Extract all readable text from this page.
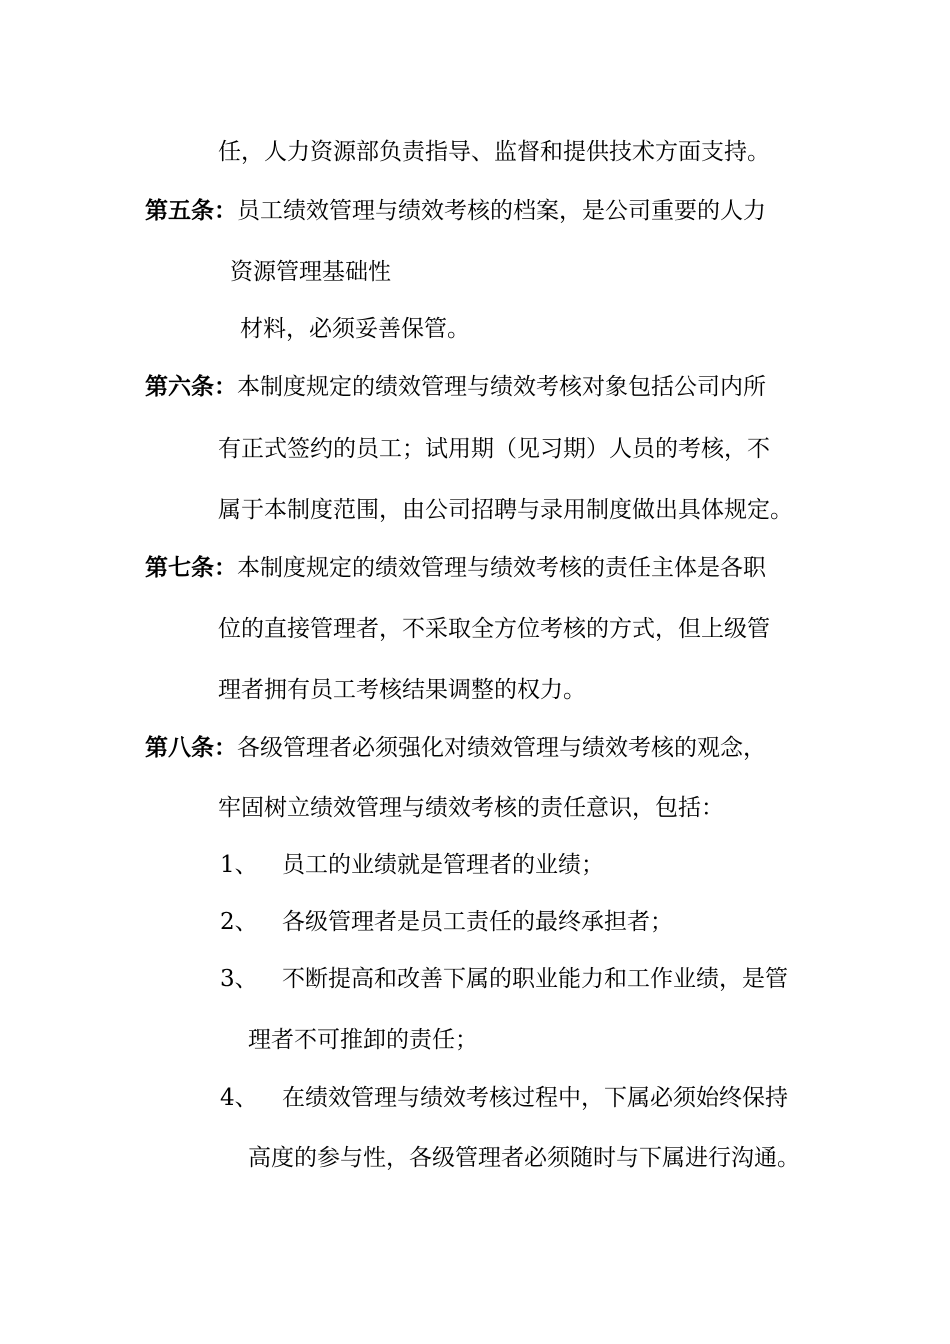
任，人力资源部负责指导、监督和提供技术方面支持。
第五条：员工绩效管理与绩效考核的档案，是公司重要的人力
资源管理基础性
材料，必须妥善保管。
第六条：本制度规定的绩效管理与绩效考核对象包括公司内所
有正式签约的员工；试用期（见习期）人员的考核，不
属于本制度范围，由公司招聘与录用制度做出具体规定。
第七条：本制度规定的绩效管理与绩效考核的责任主体是各职
位的直接管理者，不采取全方位考核的方式，但上级管
理者拥有员工考核结果调整的权力。
第八条：各级管理者必须强化对绩效管理与绩效考核的观念，
牢固树立绩效管理与绩效考核的责任意识，包括：
1、 员工的业绩就是管理者的业绩；
2、 各级管理者是员工责任的最终承担者；
3、 不断提高和改善下属的职业能力和工作业绩，是管
理者不可推卸的责任；
4、 在绩效管理与绩效考核过程中，下属必须始终保持
高度的参与性，各级管理者必须随时与下属进行沟通。
